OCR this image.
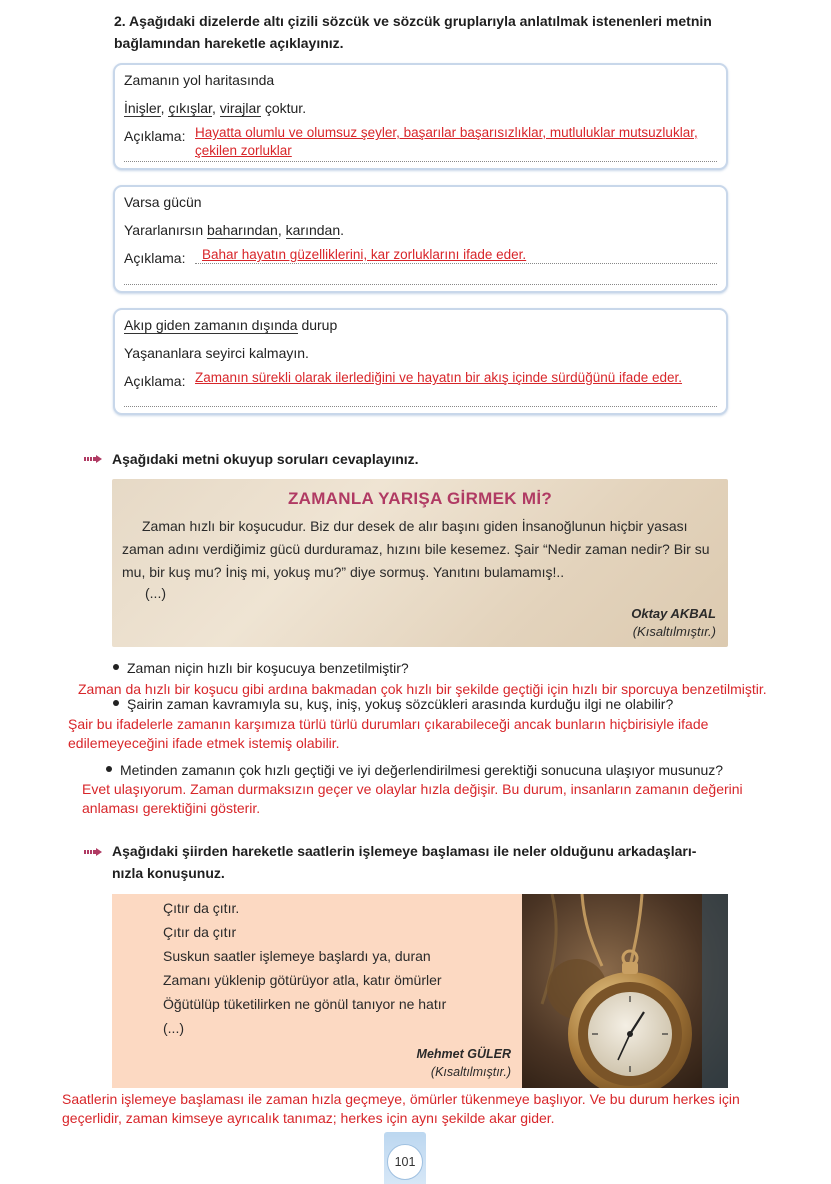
2. Aşağıdaki dizelerde altı çizili sözcük ve sözcük gruplarıyla anlatılmak istenenleri metnin
bağlamından hareketle açıklayınız.
Zamanın yol haritasında
İnişler, çıkışlar, virajlar çoktur.
Açıklama: Hayatta olumlu ve olumsuz şeyler, başarılar başarısızlıklar, mutluluklar mutsuzluklar,
çekilen zorluklar
Varsa gücün
Yararlanırsın baharından, karından.
Açıklama: Bahar hayatın güzelliklerini, kar zorluklarını ifade eder.
Akıp giden zamanın dışında durup
Yaşananlara seyirci kalmayın.
Açıklama: Zamanın sürekli olarak ilerlediğini ve hayatın bir akış içinde sürdüğünü ifade eder.
Aşağıdaki metni okuyup soruları cevaplayınız.
ZAMANLA YARIŞA GİRMEK Mİ?
Zaman hızlı bir koşucudur. Biz dur desek de alır başını giden İnsanoğlunun hiçbir yasası zaman adını verdiğimiz gücü durduramaz, hızını bile kesemez. Şair “Nedir zaman nedir? Bir su mu, bir kuş mu? İniş mi, yokuş mu?” diye sormuş. Yanıtını bulamamış!..
(...)
Oktay AKBAL
(Kısaltılmıştır.)
Zaman niçin hızlı bir koşucuya benzetilmiştir?
Zaman da hızlı bir koşucu gibi ardına bakmadan çok hızlı bir şekilde geçtiği için hızlı bir sporcuya benzetilmiştir.
Şairin zaman kavramıyla su, kuş, iniş, yokuş sözcükleri arasında kurduğu ilgi ne olabilir?
Şair bu ifadelerle zamanın karşımıza türlü türlü durumları çıkarabileceği ancak bunların hiçbirisiyle ifade
edilemeyeceğini ifade etmek istemiş olabilir.
Metinden zamanın çok hızlı geçtiği ve iyi değerlendirilmesi gerektiği sonucuna ulaşıyor musunuz?
Evet ulaşıyorum. Zaman durmaksızın geçer ve olaylar hızla değişir. Bu durum, insanların zamanın değerini
anlaması gerektiğini gösterir.
Aşağıdaki şiirden hareketle saatlerin işlemeye başlaması ile neler olduğunu arkadaşları-
nızla konuşunuz.
Çıtır da çıtır.
Çıtır da çıtır
Suskun saatler işlemeye başlardı ya, duran
Zamanı yüklenip götürüyor atla, katır ömürler
Öğütülüp tüketilirken ne gönül tanıyor ne hatır
(...)
Mehmet GÜLER
(Kısaltılmıştır.)
Saatlerin işlemeye başlaması ile zaman hızla geçmeye, ömürler tükenmeye başlıyor. Ve bu durum herkes için
geçerlidir, zaman kimseye ayrıcalık tanımaz; herkes için aynı şekilde akar gider.
101
